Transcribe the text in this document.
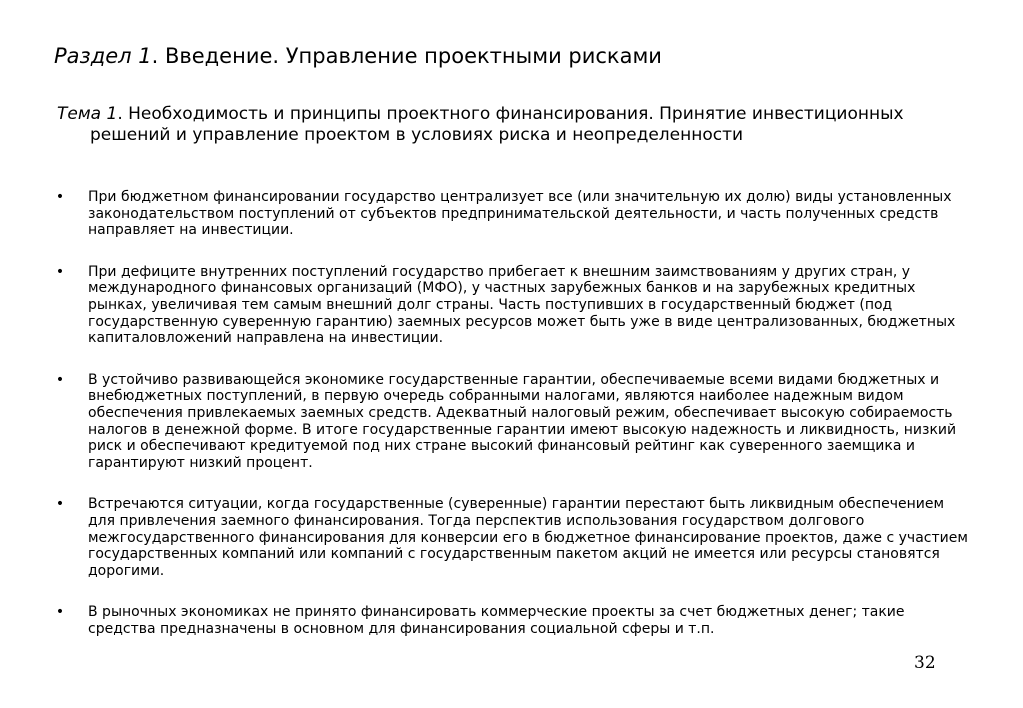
Раздел 1. Введение. Управление проектными рисками
Тема 1. Необходимость и принципы проектного финансирования. Принятие инвестиционных решений и управление проектом в условиях риска и неопределенности
• При бюджетном финансировании государство централизует все (или значительную их долю) виды установленных законодательством поступлений от субъектов предпринимательской деятельности, и часть полученных средств направляет на инвестиции.
• При дефиците внутренних поступлений государство прибегает к внешним заимствованиям у других стран, у международного финансовых организаций (МФО), у частных зарубежных банков и на зарубежных кредитных рынках, увеличивая тем самым внешний долг страны. Часть поступивших в государственный бюджет (под государственную суверенную гарантию) заемных ресурсов может быть уже в виде централизованных, бюджетных капиталовложений направлена на инвестиции.
• В устойчиво развивающейся экономике государственные гарантии, обеспечиваемые всеми видами бюджетных и внебюджетных поступлений, в первую очередь собранными налогами, являются наиболее надежным видом обеспечения привлекаемых заемных средств. Адекватный налоговый режим, обеспечивает высокую собираемость налогов в денежной форме. В итоге государственные гарантии имеют высокую надежность и ликвидность, низкий риск и обеспечивают кредитуемой под них стране высокий финансовый рейтинг как суверенного заемщика и гарантируют низкий процент.
• Встречаются ситуации, когда государственные (суверенные) гарантии перестают быть ликвидным обеспечением для привлечения заемного финансирования. Тогда перспектив использования государством долгового межгосударственного финансирования для конверсии его в бюджетное финансирование проектов, даже с участием государственных компаний или компаний с государственным пакетом акций не имеется или ресурсы становятся дорогими.
• В рыночных экономиках не принято финансировать коммерческие проекты за счет бюджетных денег; такие средства предназначены в основном для финансирования социальной сферы и т.п.
32
